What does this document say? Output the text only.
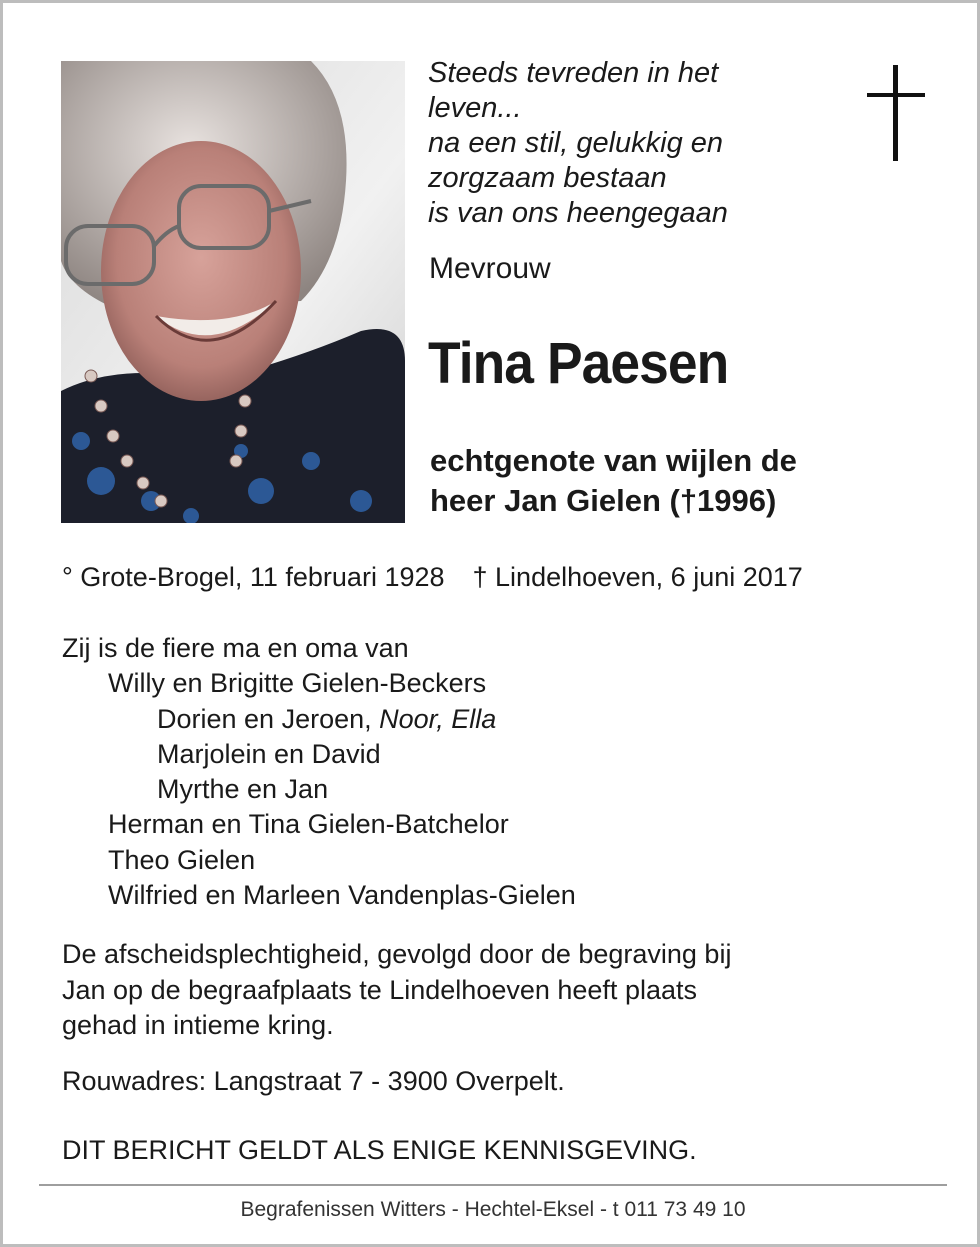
Steeds tevreden in het
leven...
na een stil, gelukkig en
zorgzaam bestaan
is van ons heengegaan
Mevrouw
Tina Paesen
echtgenote van wijlen de
heer Jan Gielen (†1996)
° Grote-Brogel, 11 februari 1928 † Lindelhoeven, 6 juni 2017
Zij is de fiere ma en oma van
Willy en Brigitte Gielen-Beckers
Dorien en Jeroen, Noor, Ella
Marjolein en David
Myrthe en Jan
Herman en Tina Gielen-Batchelor
Theo Gielen
Wilfried en Marleen Vandenplas-Gielen
De afscheidsplechtigheid, gevolgd door de begraving bij
Jan op de begraafplaats te Lindelhoeven heeft plaats
gehad in intieme kring.
Rouwadres: Langstraat 7 - 3900 Overpelt.
DIT BERICHT GELDT ALS ENIGE KENNISGEVING.
Begrafenissen Witters - Hechtel-Eksel - t 011 73 49 10
